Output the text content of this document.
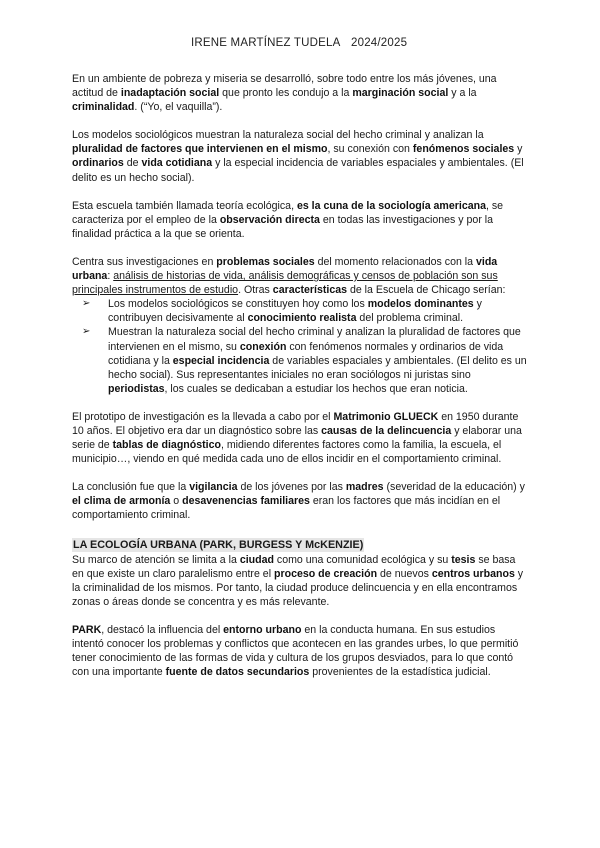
IRENE MARTÍNEZ TUDELA 2024/2025

En un ambiente de pobreza y miseria se desarrolló, sobre todo entre los más jóvenes, una actitud de inadaptación social que pronto les condujo a la marginación social y a la criminalidad. (“Yo, el vaquilla”).

Los modelos sociológicos muestran la naturaleza social del hecho criminal y analizan la pluralidad de factores que intervienen en el mismo, su conexión con fenómenos sociales y ordinarios de vida cotidiana y la especial incidencia de variables espaciales y ambientales. (El delito es un hecho social).

Esta escuela también llamada teoría ecológica, es la cuna de la sociología americana, se caracteriza por el empleo de la observación directa en todas las investigaciones y por la finalidad práctica a la que se orienta.

Centra sus investigaciones en problemas sociales del momento relacionados con la vida urbana: análisis de historias de vida, análisis demográficas y censos de población son sus principales instrumentos de estudio. Otras características de la Escuela de Chicago serían:

➢ Los modelos sociológicos se constituyen hoy como los modelos dominantes y contribuyen decisivamente al conocimiento realista del problema criminal.
➢ Muestran la naturaleza social del hecho criminal y analizan la pluralidad de factores que intervienen en el mismo, su conexión con fenómenos normales y ordinarios de vida cotidiana y la especial incidencia de variables espaciales y ambientales. (El delito es un hecho social). Sus representantes iniciales no eran sociólogos ni juristas sino periodistas, los cuales se dedicaban a estudiar los hechos que eran noticia.

El prototipo de investigación es la llevada a cabo por el Matrimonio GLUECK en 1950 durante 10 años. El objetivo era dar un diagnóstico sobre las causas de la delincuencia y elaborar una serie de tablas de diagnóstico, midiendo diferentes factores como la familia, la escuela, el municipio…, viendo en qué medida cada uno de ellos incidir en el comportamiento criminal.

La conclusión fue que la vigilancia de los jóvenes por las madres (severidad de la educación) y el clima de armonía o desavenencias familiares eran los factores que más incidían en el comportamiento criminal.

LA ECOLOGÍA URBANA (PARK, BURGESS Y McKENZIE)

Su marco de atención se limita a la ciudad como una comunidad ecológica y su tesis se basa en que existe un claro paralelismo entre el proceso de creación de nuevos centros urbanos y la criminalidad de los mismos. Por tanto, la ciudad produce delincuencia y en ella encontramos zonas o áreas donde se concentra y es más relevante.

PARK, destacó la influencia del entorno urbano en la conducta humana. En sus estudios intentó conocer los problemas y conflictos que acontecen en las grandes urbes, lo que permitió tener conocimiento de las formas de vida y cultura de los grupos desviados, para lo que contó con una importante fuente de datos secundarios provenientes de la estadística judicial.
